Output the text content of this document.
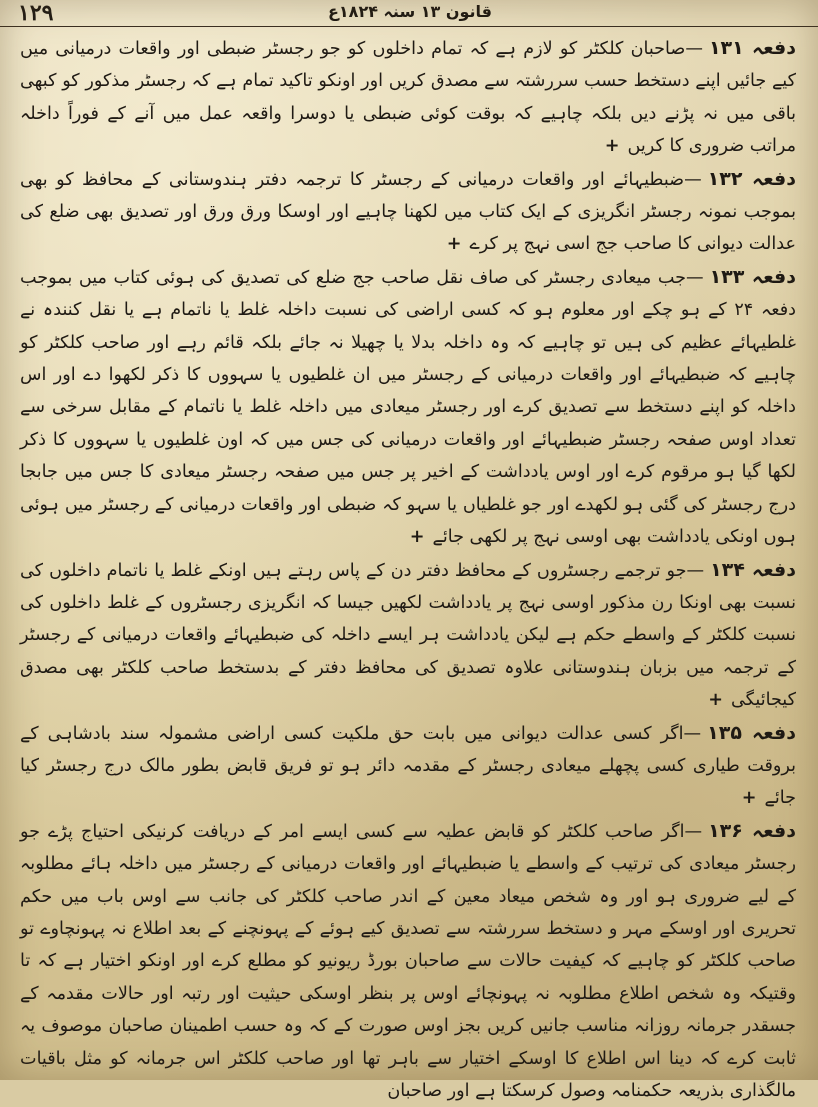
۱۲۹	قانون ۱۳ سنہ ۱۸۲۴ع

دفعہ ۱۳۱—صاحبان کلکٹر کو لازم ہے کہ تمام داخلوں کو جو رجسٹر ضبطی اور واقعات درمیانی میں کیے جائیں اپنے دستخط حسب سررشتہ سے مصدق کریں اور اونکو تاکید تمام ہے کہ رجسٹر مذکور کو کبھی باقی میں نہ پڑنے دیں بلکہ چاہیے کہ بوقت کوئی ضبطی یا دوسرا واقعہ عمل میں آنے کے فوراً داخلہ مراتب ضروری کا کریں+

دفعہ ۱۳۲—ضبطیہائے اور واقعات درمیانی کے رجسٹر کا ترجمہ دفتر ہندوستانی کے محافظ کو بھی بموجب نمونہ رجسٹر انگریزی کے ایک کتاب میں لکھنا چاہیے اور اوسکا ورق ورق اور تصدیق بھی ضلع کی عدالت دیوانی کا صاحب جج اسی نہج پر کرے+

دفعہ ۱۳۳—جب میعادی رجسٹر کی صاف نقل صاحب جج ضلع کی تصدیق کی ہوئی کتاب میں بموجب دفعہ ۲۴ کے ہو چکے اور معلوم ہو کہ کسی اراضی کی نسبت داخلہ غلط یا ناتمام ہے یا نقل کنندہ نے غلطیہائے عظیم کی ہیں تو چاہیے کہ وہ داخلہ بدلا یا چھیلا نہ جائے بلکہ قائم رہے اور صاحب کلکٹر کو چاہیے کہ ضبطیہائے اور واقعات درمیانی کے رجسٹر میں ان غلطیوں یا سہووں کا ذکر لکھوا دے اور اس داخلہ کو اپنے دستخط سے تصدیق کرے اور رجسٹر میعادی میں داخلہ غلط یا ناتمام کے مقابل سرخی سے تعداد اوس صفحہ رجسٹر ضبطیہائے اور واقعات درمیانی کی جس میں کہ اون غلطیوں یا سہووں کا ذکر لکھا گیا ہو مرقوم کرے اور اوس یادداشت کے اخیر پر جس میں صفحہ رجسٹر میعادی کا جس میں جابجا درج رجسٹر کی گئی ہو لکھدے اور جو غلطیاں یا سہو کہ ضبطی اور واقعات درمیانی کے رجسٹر میں ہوئی ہوں اونکی یادداشت بھی اوسی نہج پر لکھی جائے+

دفعہ ۱۳۴—جو ترجمے رجسٹروں کے محافظ دفتر دن کے پاس رہتے ہیں اونکے غلط یا ناتمام داخلوں کی نسبت بھی اونکا رن مذکور اوسی نہج پر یادداشت لکھیں جیسا کہ انگریزی رجسٹروں کے غلط داخلوں کی نسبت کلکٹر کے واسطے حکم ہے لیکن یادداشت ہر ایسے داخلہ کی ضبطیہائے واقعات درمیانی کے رجسٹر کے ترجمہ میں بزبان ہندوستانی علاوہ تصدیق کی محافظ دفتر کے بدستخط صاحب کلکٹر بھی مصدق کیجائیگی+

دفعہ ۱۳۵—اگر کسی عدالت دیوانی میں بابت حق ملکیت کسی اراضی مشمولہ سند بادشاہی کے بروقت طیاری کسی پچھلے میعادی رجسٹر کے مقدمہ دائر ہو تو فریق قابض بطور مالک درج رجسٹر کیا جائے+

دفعہ ۱۳۶—اگر صاحب کلکٹر کو قابض عطیہ سے کسی ایسے امر کے دریافت کرنیکی احتیاج پڑے جو رجسٹر میعادی کی ترتیب کے واسطے یا ضبطیہائے اور واقعات درمیانی کے رجسٹر میں داخلہ ہائے مطلوبہ کے لیے ضروری ہو اور وہ شخص میعاد معین کے اندر صاحب کلکٹر کی جانب سے اوس باب میں حکم تحریری اور اوسکے مہر و دستخط سررشتہ سے تصدیق کیے ہوئے کے پہونچنے کے بعد اطلاع نہ پہونچاوے تو صاحب کلکٹر کو چاہیے کہ کیفیت حالات سے صاحبان بورڈ ریونیو کو مطلع کرے اور اونکو اختیار ہے کہ تا وقتیکہ وہ شخص اطلاع مطلوبہ نہ پہونچائے اوس پر بنظر اوسکی حیثیت اور رتبہ اور حالات مقدمہ کے جسقدر جرمانہ روزانہ مناسب جانیں کریں بجز اوس صورت کے کہ وہ حسب اطمینان صاحبان موصوف یہ ثابت کرے کہ دینا اس اطلاع کا اوسکے اختیار سے باہر تھا اور صاحب کلکٹر اس جرمانہ کو مثل باقیات مالگذاری بذریعہ حکمنامہ وصول کرسکتا ہے اور صاحبان
